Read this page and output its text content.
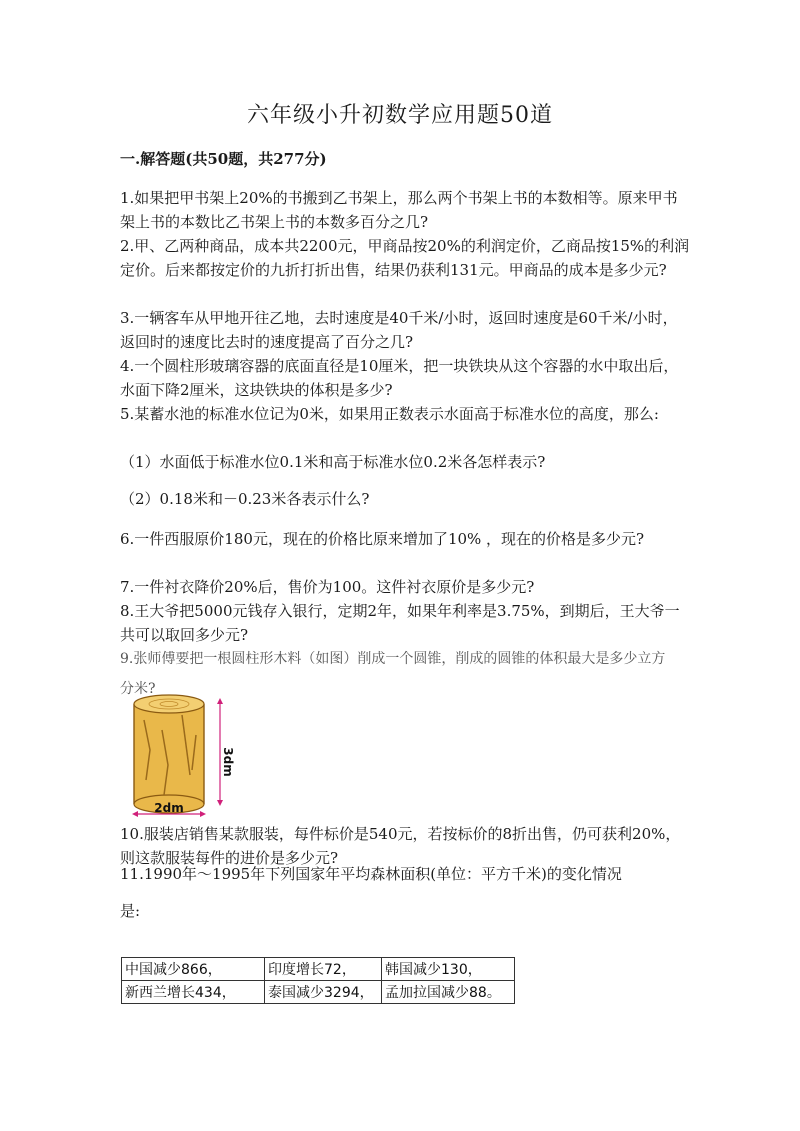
六年级小升初数学应用题50道
一.解答题(共50题，共277分)
1.如果把甲书架上20%的书搬到乙书架上，那么两个书架上书的本数相等。原来甲书架上书的本数比乙书架上书的本数多百分之几?
2.甲、乙两种商品，成本共2200元，甲商品按20%的利润定价，乙商品按15%的利润定价。后来都按定价的九折打折出售，结果仍获利131元。甲商品的成本是多少元?
3.一辆客车从甲地开往乙地，去时速度是40千米/小时，返回时速度是60千米/小时，返回时的速度比去时的速度提高了百分之几?
4.一个圆柱形玻璃容器的底面直径是10厘米，把一块铁块从这个容器的水中取出后，水面下降2厘米，这块铁块的体积是多少?
5.某蓄水池的标准水位记为0米，如果用正数表示水面高于标准水位的高度，那么:
（1）水面低于标准水位0.1米和高于标准水位0.2米各怎样表示?
（2）0.18米和－0.23米各表示什么?
6.一件西服原价180元，现在的价格比原来增加了10% ，现在的价格是多少元?
7.一件衬衣降价20%后，售价为100。这件衬衣原价是多少元?
8.王大爷把5000元钱存入银行，定期2年，如果年利率是3.75%，到期后，王大爷一共可以取回多少元?
9.张师傅要把一根圆柱形木料（如图）削成一个圆锥，削成的圆锥的体积最大是多少立方
分米?
3dm
2dm
10.服装店销售某款服装，每件标价是540元，若按标价的8折出售，仍可获利20%，则这款服装每件的进价是多少元?
11.1990年～1995年下列国家年平均森林面积(单位：平方千米)的变化情况
是:
中国减少866，	印度增长72，	韩国减少130，
新西兰增长434，	泰国减少3294，	孟加拉国减少88。
